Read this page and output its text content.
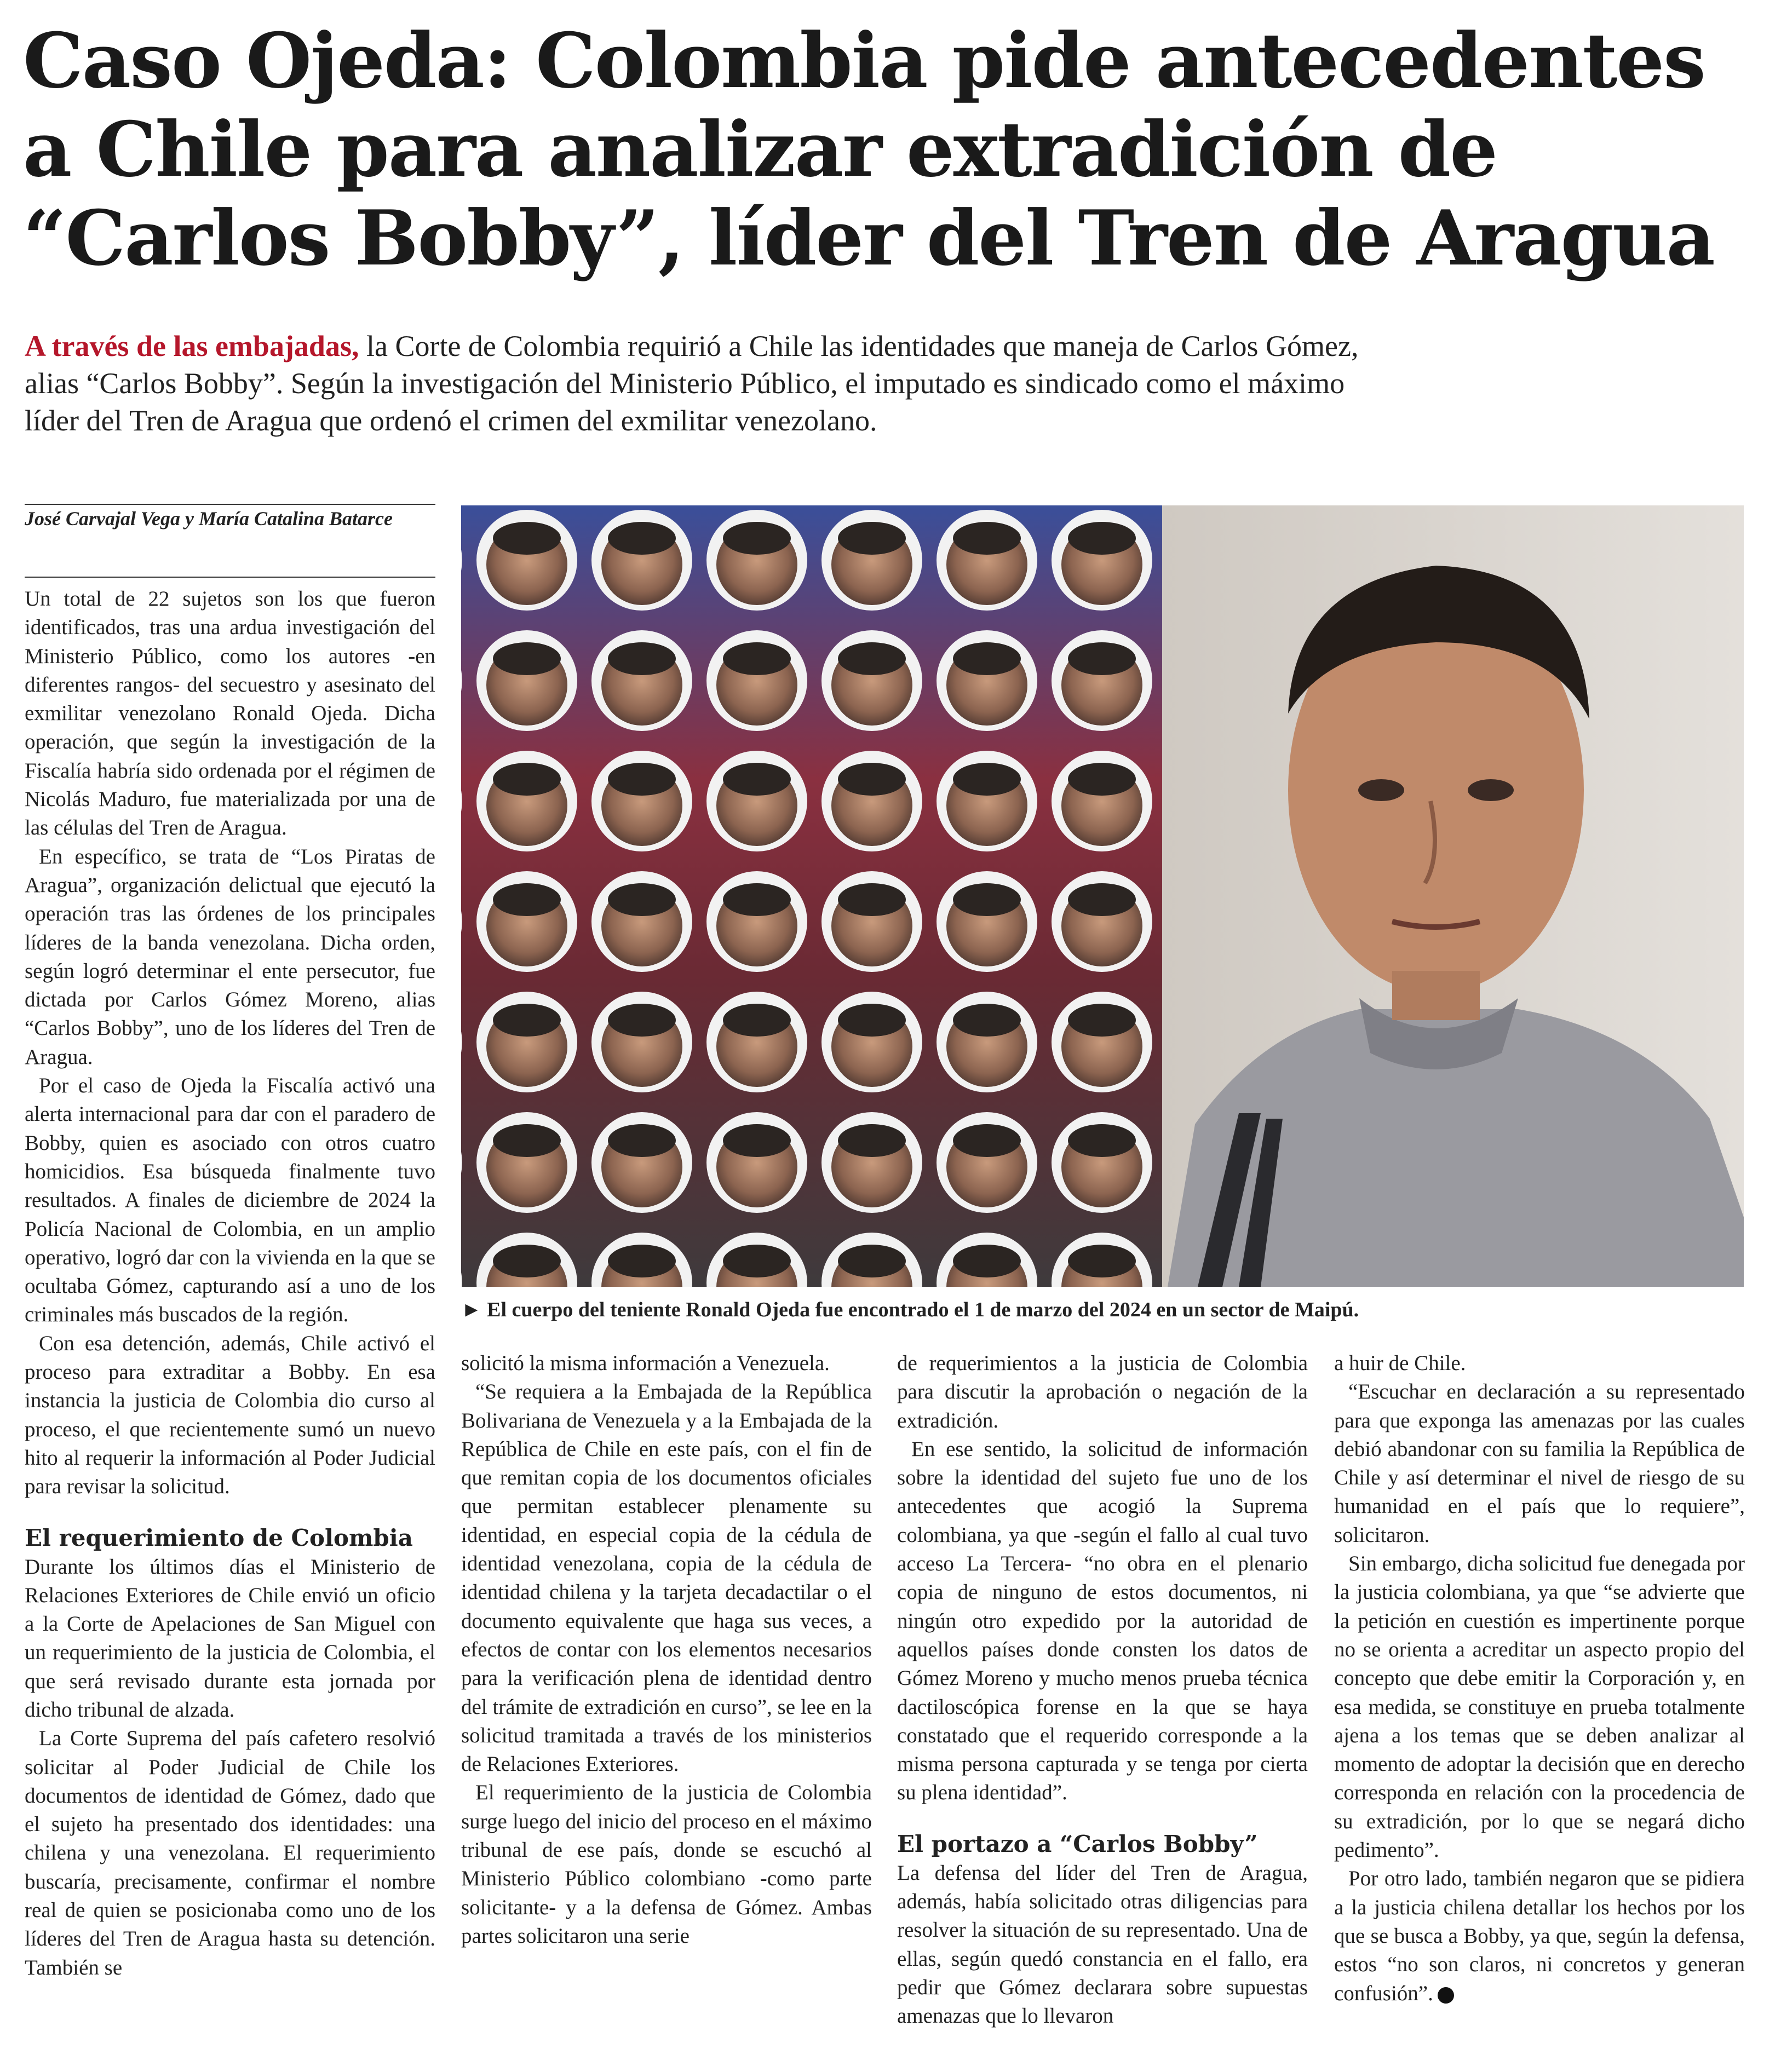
Caso Ojeda: Colombia pide antecedentes
a Chile para analizar extradición de
“Carlos Bobby”, líder del Tren de Aragua

A través de las embajadas, la Corte de Colombia requirió a Chile las identidades que maneja de Carlos Gómez, alias “Carlos Bobby”. Según la investigación del Ministerio Público, el imputado es sindicado como el máximo líder del Tren de Aragua que ordenó el crimen del exmilitar venezolano.

José Carvajal Vega y María Catalina Batarce
► El cuerpo del teniente Ronald Ojeda fue encontrado el 1 de marzo del 2024 en un sector de Maipú.

Un total de 22 sujetos son los que fueron identificados, tras una ardua investigación del Ministerio Público, como los autores -en diferentes rangos- del secuestro y asesinato del exmilitar venezolano Ronald Ojeda. Dicha operación, que según la investigación de la Fiscalía habría sido ordenada por el régimen de Nicolás Maduro, fue materializada por una de las células del Tren de Aragua.

En específico, se trata de “Los Piratas de Aragua”, organización delictual que ejecutó la operación tras las órdenes de los principales líderes de la banda venezolana. Dicha orden, según logró determinar el ente persecutor, fue dictada por Carlos Gómez Moreno, alias “Carlos Bobby”, uno de los líderes del Tren de Aragua.

Por el caso de Ojeda la Fiscalía activó una alerta internacional para dar con el paradero de Bobby, quien es asociado con otros cuatro homicidios. Esa búsqueda finalmente tuvo resultados. A finales de diciembre de 2024 la Policía Nacional de Colombia, en un amplio operativo, logró dar con la vivienda en la que se ocultaba Gómez, capturando así a uno de los criminales más buscados de la región.

Con esa detención, además, Chile activó el proceso para extraditar a Bobby. En esa instancia la justicia de Colombia dio curso al proceso, el que recientemente sumó un nuevo hito al requerir la información al Poder Judicial para revisar la solicitud.

El requerimiento de Colombia

Durante los últimos días el Ministerio de Relaciones Exteriores de Chile envió un oficio a la Corte de Apelaciones de San Miguel con un requerimiento de la justicia de Colombia, el que será revisado durante esta jornada por dicho tribunal de alzada.

La Corte Suprema del país cafetero resolvió solicitar al Poder Judicial de Chile los documentos de identidad de Gómez, dado que el sujeto ha presentado dos identidades: una chilena y una venezolana. El requerimiento buscaría, precisamente, confirmar el nombre real de quien se posicionaba como uno de los líderes del Tren de Aragua hasta su detención. También se

solicitó la misma información a Venezuela.

“Se requiera a la Embajada de la República Bolivariana de Venezuela y a la Embajada de la República de Chile en este país, con el fin de que remitan copia de los documentos oficiales que permitan establecer plenamente su identidad, en especial copia de la cédula de identidad venezolana, copia de la cédula de identidad chilena y la tarjeta decadactilar o el documento equivalente que haga sus veces, a efectos de contar con los elementos necesarios para la verificación plena de identidad dentro del trámite de extradición en curso”, se lee en la solicitud tramitada a través de los ministerios de Relaciones Exteriores.

El requerimiento de la justicia de Colombia surge luego del inicio del proceso en el máximo tribunal de ese país, donde se escuchó al Ministerio Público colombiano -como parte solicitante- y a la defensa de Gómez. Ambas partes solicitaron una serie

de requerimientos a la justicia de Colombia para discutir la aprobación o negación de la extradición.

En ese sentido, la solicitud de información sobre la identidad del sujeto fue uno de los antecedentes que acogió la Suprema colombiana, ya que -según el fallo al cual tuvo acceso La Tercera- “no obra en el plenario copia de ninguno de estos documentos, ni ningún otro expedido por la autoridad de aquellos países donde consten los datos de Gómez Moreno y mucho menos prueba técnica dactiloscópica forense en la que se haya constatado que el requerido corresponde a la misma persona capturada y se tenga por cierta su plena identidad”.

El portazo a “Carlos Bobby”

La defensa del líder del Tren de Aragua, además, había solicitado otras diligencias para resolver la situación de su representado. Una de ellas, según quedó constancia en el fallo, era pedir que Gómez declarara sobre supuestas amenazas que lo llevaron

a huir de Chile.

“Escuchar en declaración a su representado para que exponga las amenazas por las cuales debió abandonar con su familia la República de Chile y así determinar el nivel de riesgo de su humanidad en el país que lo requiere”, solicitaron.

Sin embargo, dicha solicitud fue denegada por la justicia colombiana, ya que “se advierte que la petición en cuestión es impertinente porque no se orienta a acreditar un aspecto propio del concepto que debe emitir la Corporación y, en esa medida, se constituye en prueba totalmente ajena a los temas que se deben analizar al momento de adoptar la decisión que en derecho corresponda en relación con la procedencia de su extradición, por lo que se negará dicho pedimento”.

Por otro lado, también negaron que se pidiera a la justicia chilena detallar los hechos por los que se busca a Bobby, ya que, según la defensa, estos “no son claros, ni concretos y generan confusión”.
